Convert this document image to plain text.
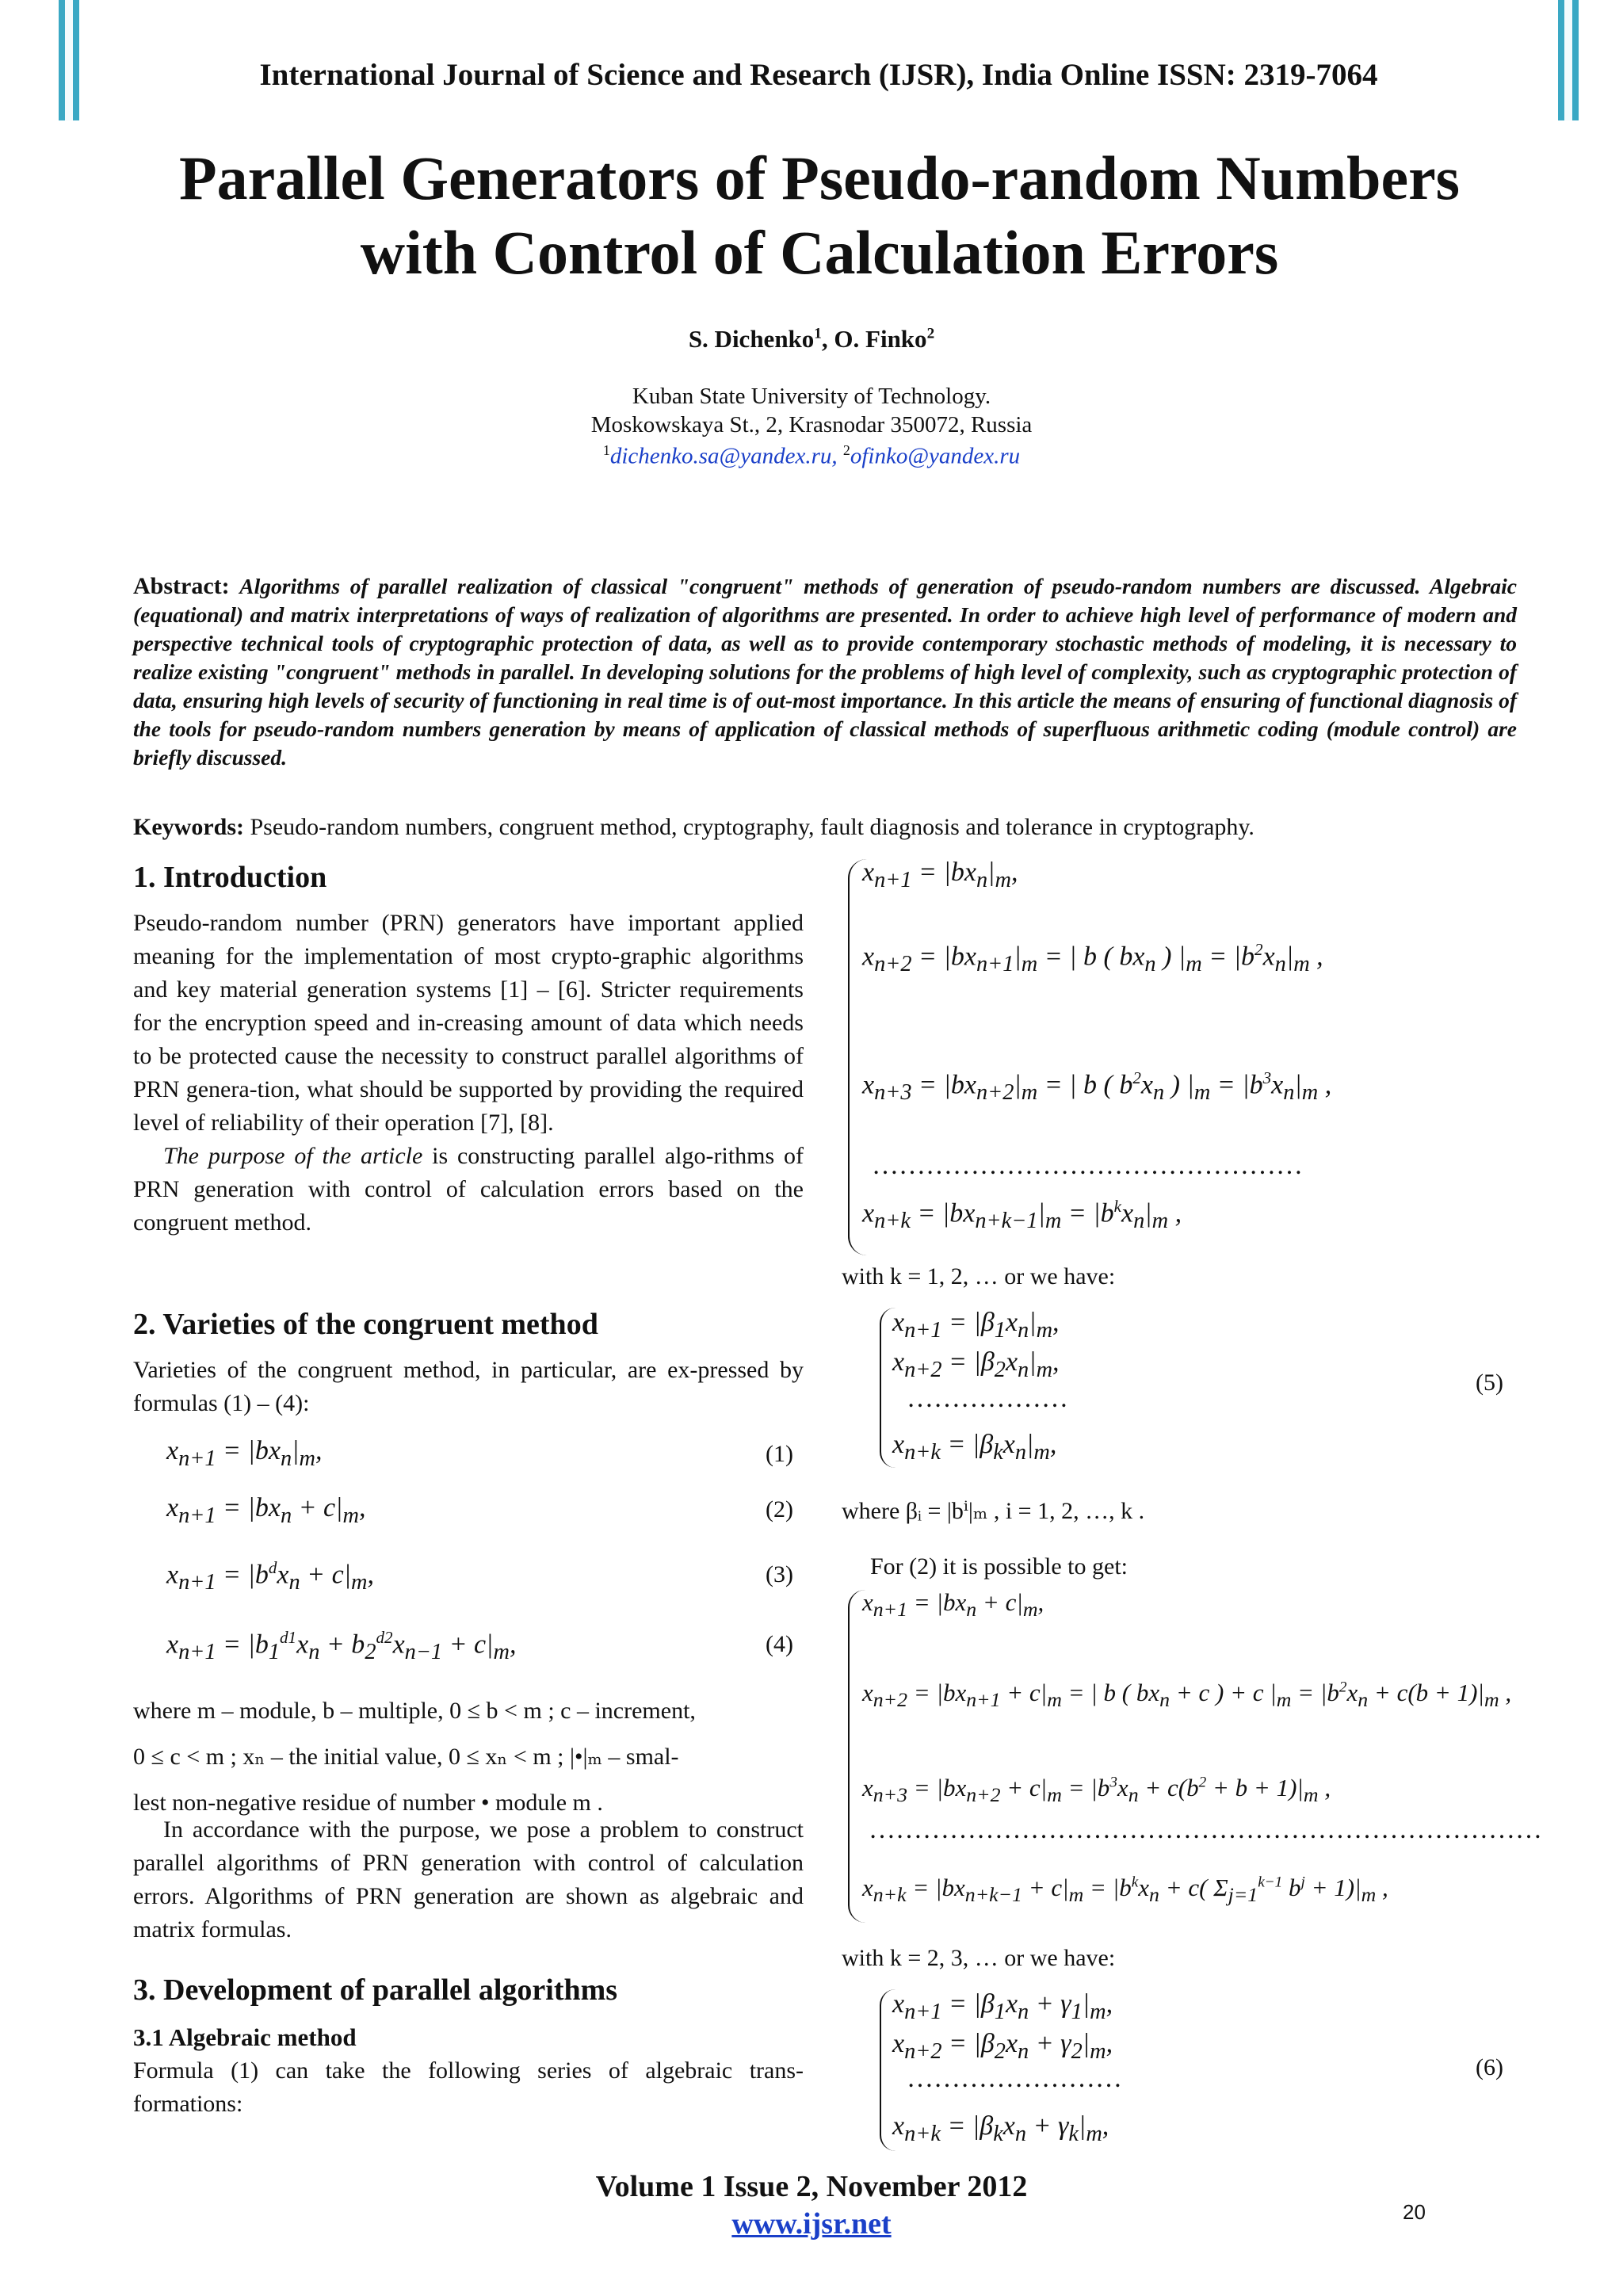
International Journal of Science and Research (IJSR), India Online ISSN: 2319-7064
Parallel Generators of Pseudo-random Numbers
with Control of Calculation Errors
S. Dichenko$^1$, O. Finko$^2$
Kuban State University of Technology.
Moskowskaya St., 2, Krasnodar 350072, Russia
$^1$dichenko.sa@yandex.ru, $^2$ofinko@yandex.ru

Abstract: Algorithms of parallel realization of classical "congruent" methods of generation of pseudo-random numbers are discussed. Algebraic (equational) and matrix interpretations of ways of realization of algorithms are presented. In order to achieve high level of performance of modern and perspective technical tools of cryptographic protection of data, as well as to provide contemporary stochastic methods of modeling, it is necessary to realize existing "congruent" methods in parallel. In developing solutions for the problems of high level of complexity, such as cryptographic protection of data, ensuring high levels of security of functioning in real time is of out-most importance. In this article the means of ensuring of functional diagnosis of the tools for pseudo-random numbers generation by means of application of classical methods of superfluous arithmetic coding (module control) are briefly discussed.

Keywords: Pseudo-random numbers, congruent method, cryptography, fault diagnosis and tolerance in cryptography.

1. Introduction

Pseudo-random number (PRN) generators have important applied meaning for the implementation of most crypto-graphic algorithms and key material generation systems [1] – [6]. Stricter requirements for the encryption speed and in-creasing amount of data which needs to be protected cause the necessity to construct parallel algorithms of PRN genera-tion, what should be supported by providing the required level of reliability of their operation [7], [8].

The purpose of the article is constructing parallel algo-rithms of PRN generation with control of calculation errors based on the congruent method.

2. Varieties of the congruent method

Varieties of the congruent method, in particular, are ex-pressed by formulas (1) – (4):

$x_{n+1} = |bx_n|_m$,	(1)
$x_{n+1} = |bx_n + c|_m$,	(2)
$x_{n+1} = |b^dx_n + c|_m$,	(3)
$x_{n+1} = |b_1^{d1}x_n + b_2^{d2}x_{n-1} + c|_m$,	(4)

where m – module, b – multiple, 0 ≤ b < m ; c – increment,

0 ≤ c < m ; xₙ – the initial value, 0 ≤ xₙ < m ; |•|ₘ – smal-

lest non-negative residue of number • module m .

In accordance with the purpose, we pose a problem to construct parallel algorithms of PRN generation with control of calculation errors. Algorithms of PRN generation are shown as algebraic and matrix formulas.

3. Development of parallel algorithms
3.1 Algebraic method

Formula (1) can take the following series of algebraic trans-formations:

$x_{n+1} = |bx_n|_m$,
$x_{n+2} = |bx_{n+1}|_m$ = | b ( $bx_n$ ) $|_m = |b^2x_n|_m$ ,
$x_{n+3} = |bx_{n+2}|_m$ = | b ( $b^2x_n$ ) $|_m = |b^3x_n|_m$ ,
…………………………………………
$x_{n+k} = |bx_{n+k-1}|_m = |b^kx_n|_m$ ,
with k = 1, 2, … or we have:
$x_{n+1} = |\beta_1x_n|_m$,
$x_{n+2} = |\beta_2x_n|_m$,
………………
$x_{n+k} = |\beta_kx_n|_m$,
(5)
where βᵢ = |bⁱ|ₘ , i = 1, 2, …, k .
For (2) it is possible to get:
$x_{n+1} = |bx_n + c|_m$,
$x_{n+2} = |bx_{n+1} + c|_m$ = | b ( $bx_n + c$ ) + c $|_m = |b^2x_n + c(b + 1)|_m$ ,
$x_{n+3} = |bx_{n+2} + c|_m = |b^3x_n + c(b^2 + b + 1)|_m$ ,
…………………………………………………………………
$x_{n+k} = |bx_{n+k-1} + c|_m = |b^kx_n + c$( $\Sigma_{j=1}^{k-1}$ $b^j + 1)|_m$ ,
with k = 2, 3, … or we have:
$x_{n+1} = |\beta_1x_n + \gamma_1|_m$,
$x_{n+2} = |\beta_2x_n + \gamma_2|_m$,
……………………
$x_{n+k} = |\beta_kx_n + \gamma_k|_m$,
(6)
Volume 1 Issue 2, November 2012
www.ijsr.net	20
